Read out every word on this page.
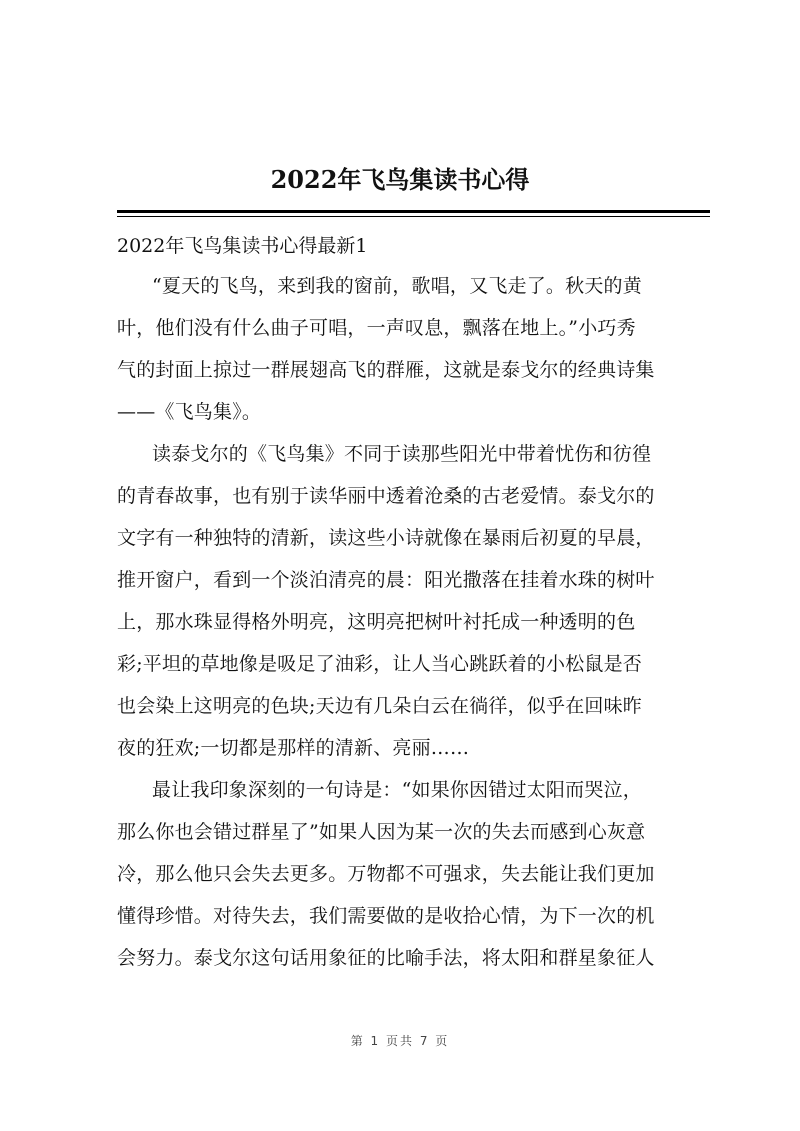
2022年飞鸟集读书心得
2022年飞鸟集读书心得最新1
“夏天的飞鸟，来到我的窗前，歌唱，又飞走了。秋天的黄
叶，他们没有什么曲子可唱，一声叹息，飘落在地上。”小巧秀
气的封面上掠过一群展翅高飞的群雁，这就是泰戈尔的经典诗集
——《飞鸟集》。
读泰戈尔的《飞鸟集》不同于读那些阳光中带着忧伤和彷徨
的青春故事，也有别于读华丽中透着沧桑的古老爱情。泰戈尔的
文字有一种独特的清新，读这些小诗就像在暴雨后初夏的早晨，
推开窗户，看到一个淡泊清亮的晨：阳光撒落在挂着水珠的树叶
上，那水珠显得格外明亮，这明亮把树叶衬托成一种透明的色
彩;平坦的草地像是吸足了油彩，让人当心跳跃着的小松鼠是否
也会染上这明亮的色块;天边有几朵白云在徜徉，似乎在回味昨
夜的狂欢;一切都是那样的清新、亮丽……
最让我印象深刻的一句诗是：“如果你因错过太阳而哭泣，
那么你也会错过群星了”如果人因为某一次的失去而感到心灰意
冷，那么他只会失去更多。万物都不可强求，失去能让我们更加
懂得珍惜。对待失去，我们需要做的是收拾心情，为下一次的机
会努力。泰戈尔这句话用象征的比喻手法，将太阳和群星象征人
第 1 页共 7 页
